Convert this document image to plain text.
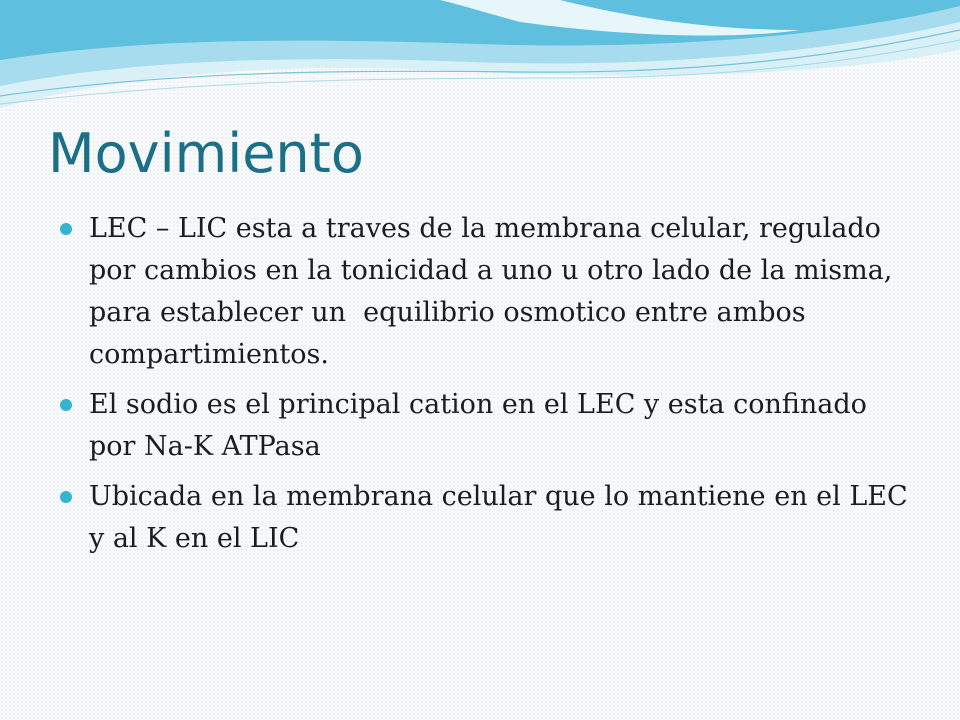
Movimiento
LEC – LIC esta a traves de la membrana celular, regulado por cambios en la tonicidad a uno u otro lado de la misma, para establecer un  equilibrio osmotico entre ambos compartimientos.
El sodio es el principal cation en el LEC y esta confinado por Na-K ATPasa
Ubicada en la membrana celular que lo mantiene en el LEC y al K en el LIC
